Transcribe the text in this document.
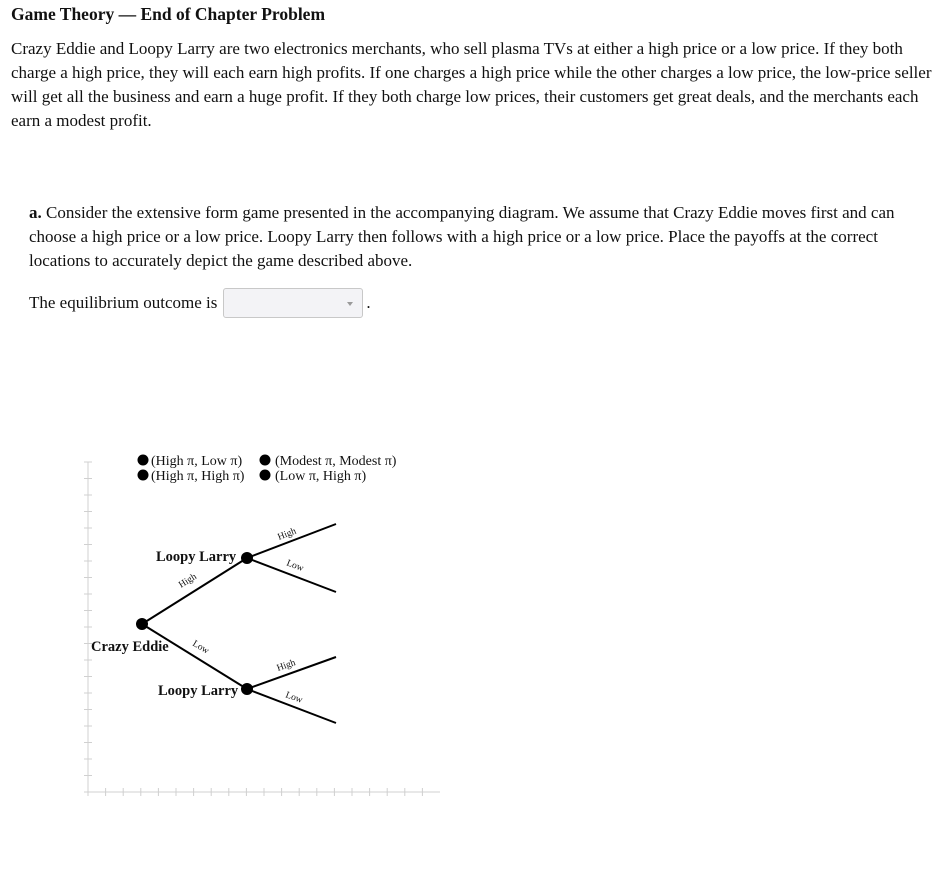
Game Theory — End of Chapter Problem
Crazy Eddie and Loopy Larry are two electronics merchants, who sell plasma TVs at either a high price or a low price. If they both charge a high price, they will each earn high profits. If one charges a high price while the other charges a low price, the low-price seller will get all the business and earn a huge profit. If they both charge low prices, their customers get great deals, and the merchants each earn a modest profit.
a. Consider the extensive form game presented in the accompanying diagram. We assume that Crazy Eddie moves first and can choose a high price or a low price. Loopy Larry then follows with a high price or a low price. Place the payoffs at the correct locations to accurately depict the game described above.
The equilibrium outcome is	.
(High π, Low π)
(High π, High π)
(Modest π, Modest π)
(Low π, High π)
Crazy Eddie
Loopy Larry
Loopy Larry
High
Low
High
Low
High
Low
